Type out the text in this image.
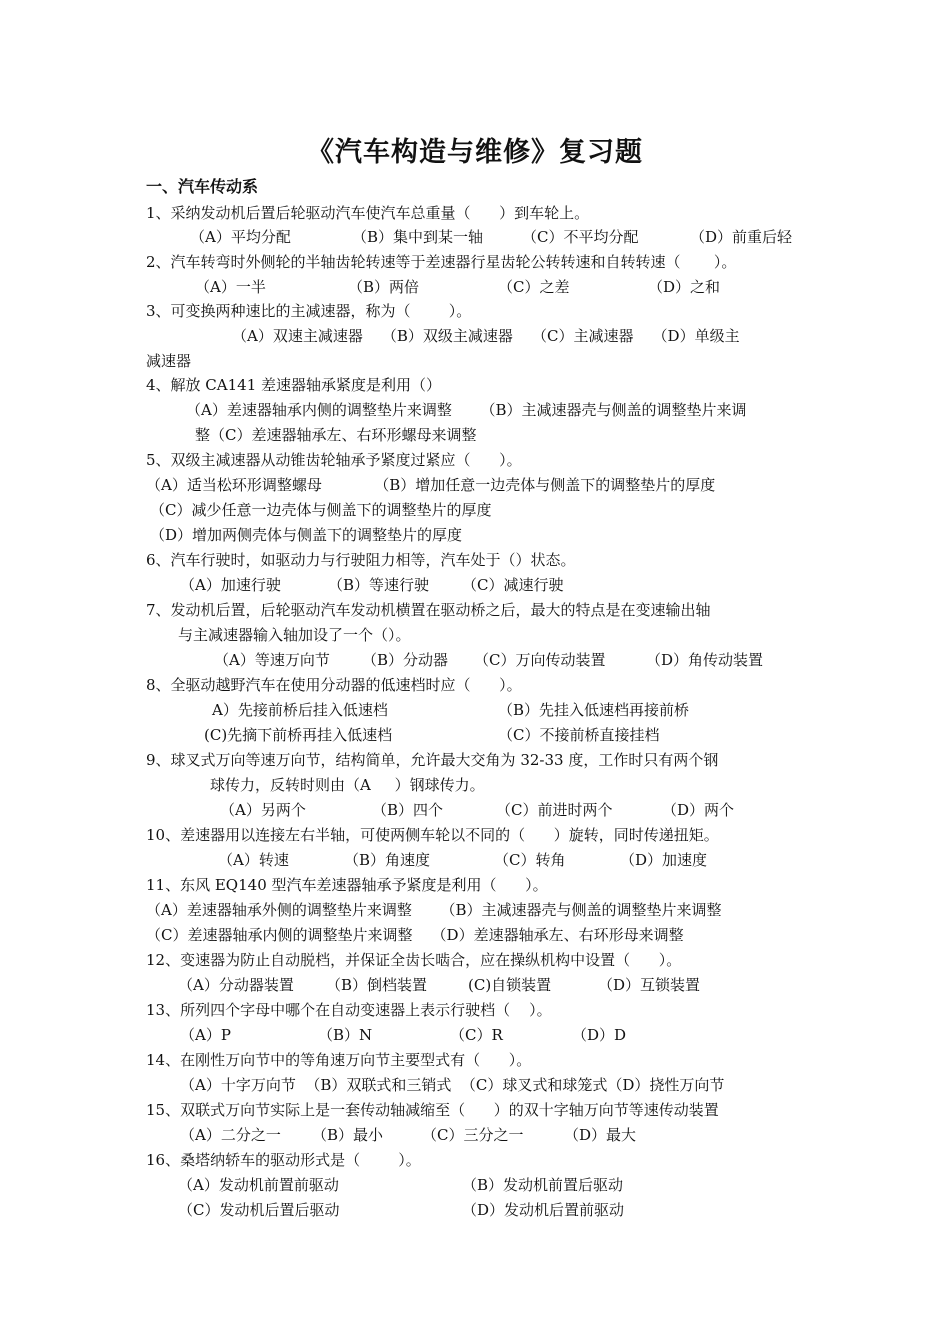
《汽车构造与维修》复习题
一、汽车传动系
1、采纳发动机后置后轮驱动汽车使汽车总重量（      ）到车轮上。
（A）平均分配	（B）集中到某一轴	（C）不平均分配	（D）前重后轻
2、汽车转弯时外侧轮的半轴齿轮转速等于差速器行星齿轮公转转速和自转转速（       ）。
（A）一半	（B）两倍	（C）之差	（D）之和
3、可变换两种速比的主减速器，称为（        ）。
（A）双速主减速器    （B）双级主减速器    （C）主减速器    （D）单级主
减速器
4、解放 CA141 差速器轴承紧度是利用（）
（A）差速器轴承内侧的调整垫片来调整      （B）主减速器壳与侧盖的调整垫片来调
整（C）差速器轴承左、右环形螺母来调整
5、双级主减速器从动锥齿轮轴承予紧度过紧应（      ）。
（A）适当松环形调整螺母           （B）增加任意一边壳体与侧盖下的调整垫片的厚度
（C）减少任意一边壳体与侧盖下的调整垫片的厚度
（D）增加两侧壳体与侧盖下的调整垫片的厚度
6、汽车行驶时，如驱动力与行驶阻力相等，汽车处于（）状态。
（A）加速行驶	（B）等速行驶 （C）减速行驶
7、发动机后置，后轮驱动汽车发动机横置在驱动桥之后，最大的特点是在变速输出轴
与主减速器输入轴加设了一个（）。
（A）等速万向节 （B）分动器 （C）万向传动装置	（D）角传动装置
8、全驱动越野汽车在使用分动器的低速档时应（      ）。
A）先接前桥后挂入低速档	（B）先挂入低速档再接前桥
(C)先摘下前桥再挂入低速档	（C）不接前桥直接挂档
9、球叉式万向等速万向节，结构简单，允许最大交角为 32-33 度，工作时只有两个钢
球传力，反转时则由（A     ）钢球传力。
（A）另两个	（B）四个	（C）前进时两个	（D）两个
10、差速器用以连接左右半轴，可使两侧车轮以不同的（      ）旋转，同时传递扭矩。
（A）转速	（B）角速度	（C）转角	（D）加速度
11、东风 EQ140 型汽车差速器轴承予紧度是利用（      ）。
（A）差速器轴承外侧的调整垫片来调整      （B）主减速器壳与侧盖的调整垫片来调整
（C）差速器轴承内侧的调整垫片来调整    （D）差速器轴承左、右环形母来调整
12、变速器为防止自动脱档，并保证全齿长啮合，应在操纵机构中设置（      ）。
（A）分动器装置 （B）倒档装置	(C)自锁装置	（D）互锁装置
13、所列四个字母中哪个在自动变速器上表示行驶档（    ）。
（A）P	（B）N	（C）R	（D）D
14、在刚性万向节中的等角速万向节主要型式有（      ）。
（A）十字万向节  （B）双联式和三销式  （C）球叉式和球笼式（D）挠性万向节
15、双联式万向节实际上是一套传动轴减缩至（      ）的双十字轴万向节等速传动装置
（A）二分之一 （B）最小	（C）三分之一	（D）最大
16、桑塔纳轿车的驱动形式是（        ）。
（A）发动机前置前驱动	（B）发动机前置后驱动
（C）发动机后置后驱动	（D）发动机后置前驱动
